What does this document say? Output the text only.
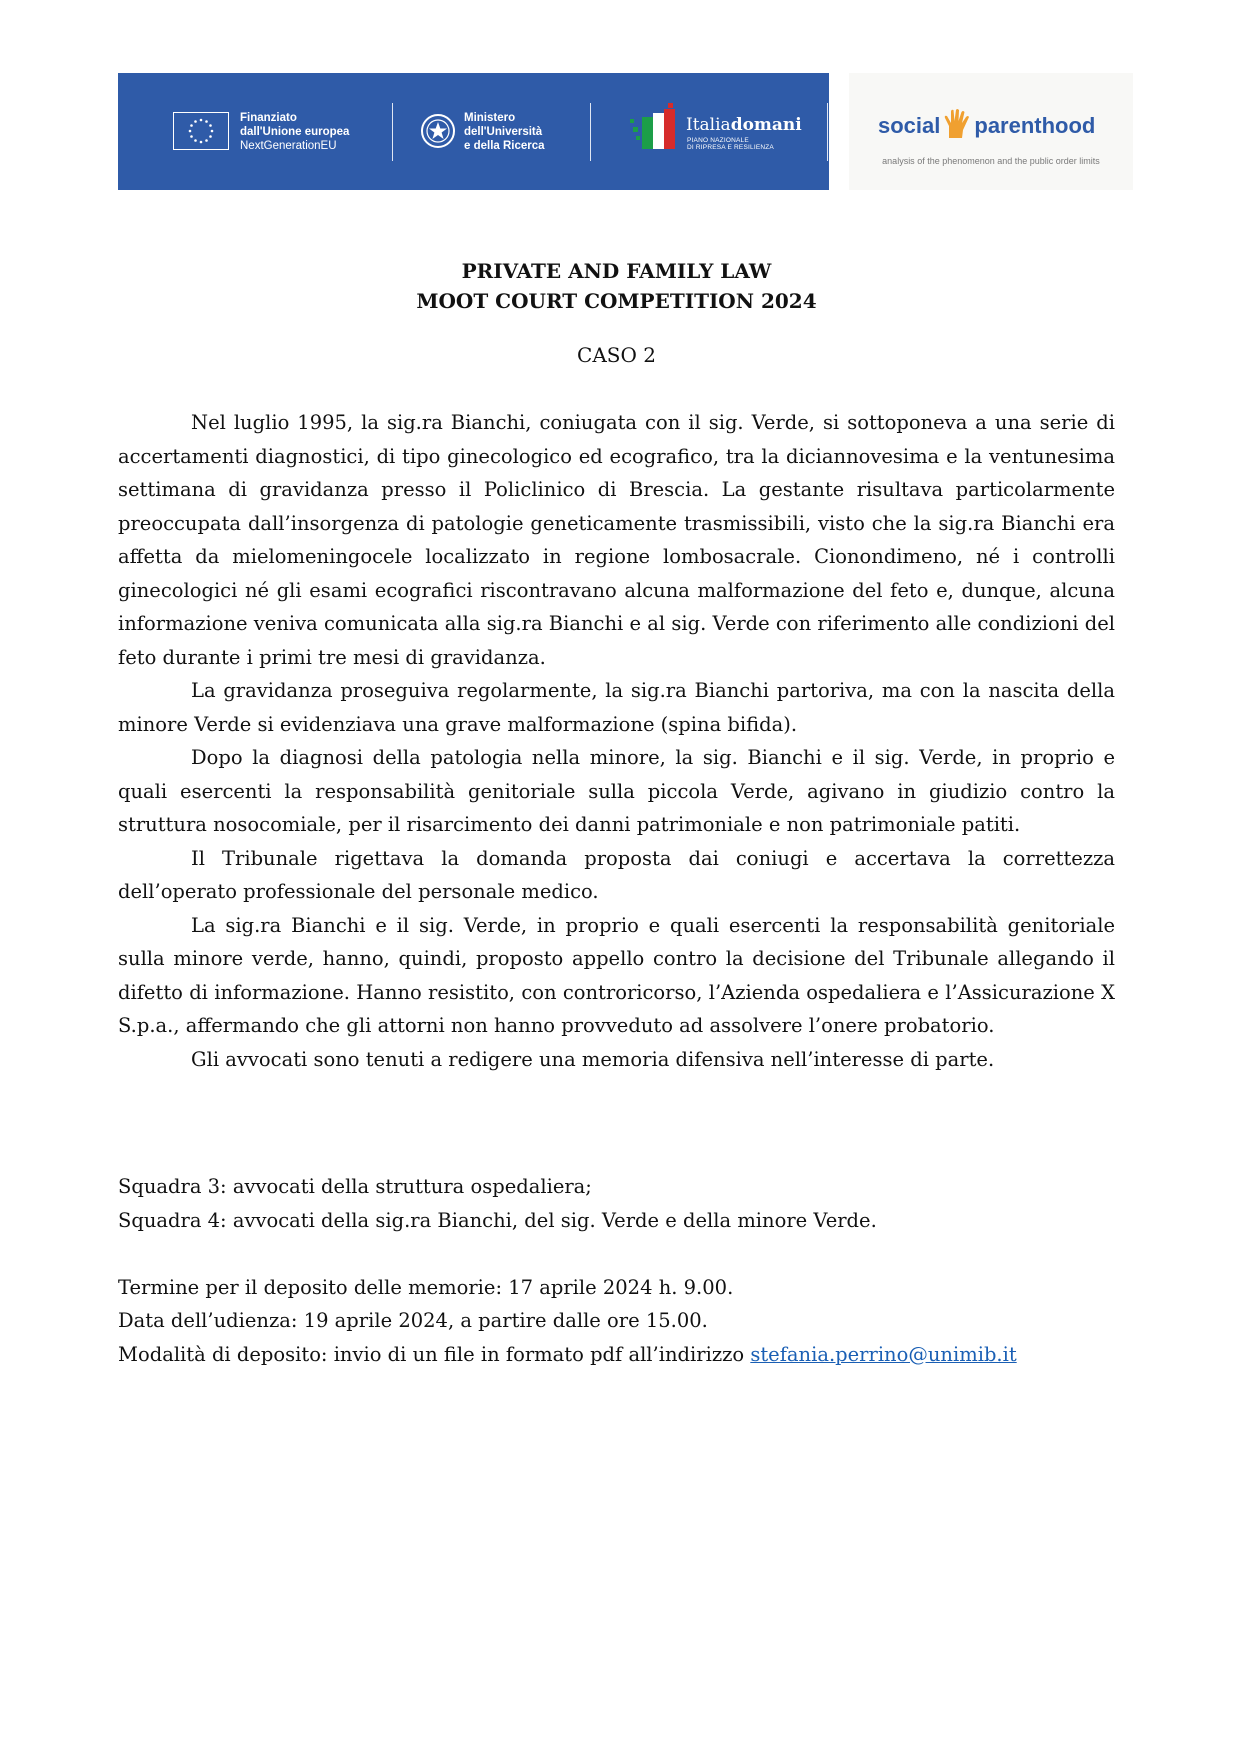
Finanziato
dall'Unione europea
NextGenerationEU
Ministero
dell'Università
e della Ricerca
Italiadomani
PIANO NAZIONALE
DI RIPRESA E RESILIENZA
social parenthood
analysis of the phenomenon and the public order limits
PRIVATE AND FAMILY LAW
MOOT COURT COMPETITION 2024
CASO 2

Nel luglio 1995, la sig.ra Bianchi, coniugata con il sig. Verde, si sottoponeva a una serie di accertamenti diagnostici, di tipo ginecologico ed ecografico, tra la diciannovesima e la ventunesima settimana di gravidanza presso il Policlinico di Brescia. La gestante risultava particolarmente preoccupata dall’insorgenza di patologie geneticamente trasmissibili, visto che la sig.ra Bianchi era affetta da mielomeningocele localizzato in regione lombosacrale. Cionondimeno, né i controlli ginecologici né gli esami ecografici riscontravano alcuna malformazione del feto e, dunque, alcuna informazione veniva comunicata alla sig.ra Bianchi e al sig. Verde con riferimento alle condizioni del feto durante i primi tre mesi di gravidanza.

La gravidanza proseguiva regolarmente, la sig.ra Bianchi partoriva, ma con la nascita della minore Verde si evidenziava una grave malformazione (spina bifida).

Dopo la diagnosi della patologia nella minore, la sig. Bianchi e il sig. Verde, in proprio e quali esercenti la responsabilità genitoriale sulla piccola Verde, agivano in giudizio contro la struttura nosocomiale, per il risarcimento dei danni patrimoniale e non patrimoniale patiti.

Il Tribunale rigettava la domanda proposta dai coniugi e accertava la correttezza dell’operato professionale del personale medico.

La sig.ra Bianchi e il sig. Verde, in proprio e quali esercenti la responsabilità genitoriale sulla minore verde, hanno, quindi, proposto appello contro la decisione del Tribunale allegando il difetto di informazione. Hanno resistito, con controricorso, l’Azienda ospedaliera e l’Assicurazione X S.p.a., affermando che gli attorni non hanno provveduto ad assolvere l’onere probatorio.

Gli avvocati sono tenuti a redigere una memoria difensiva nell’interesse di parte.

Squadra 3: avvocati della struttura ospedaliera;

Squadra 4: avvocati della sig.ra Bianchi, del sig. Verde e della minore Verde.

Termine per il deposito delle memorie: 17 aprile 2024 h. 9.00.

Data dell’udienza: 19 aprile 2024, a partire dalle ore 15.00.

Modalità di deposito: invio di un file in formato pdf all’indirizzo stefania.perrino@unimib.it
